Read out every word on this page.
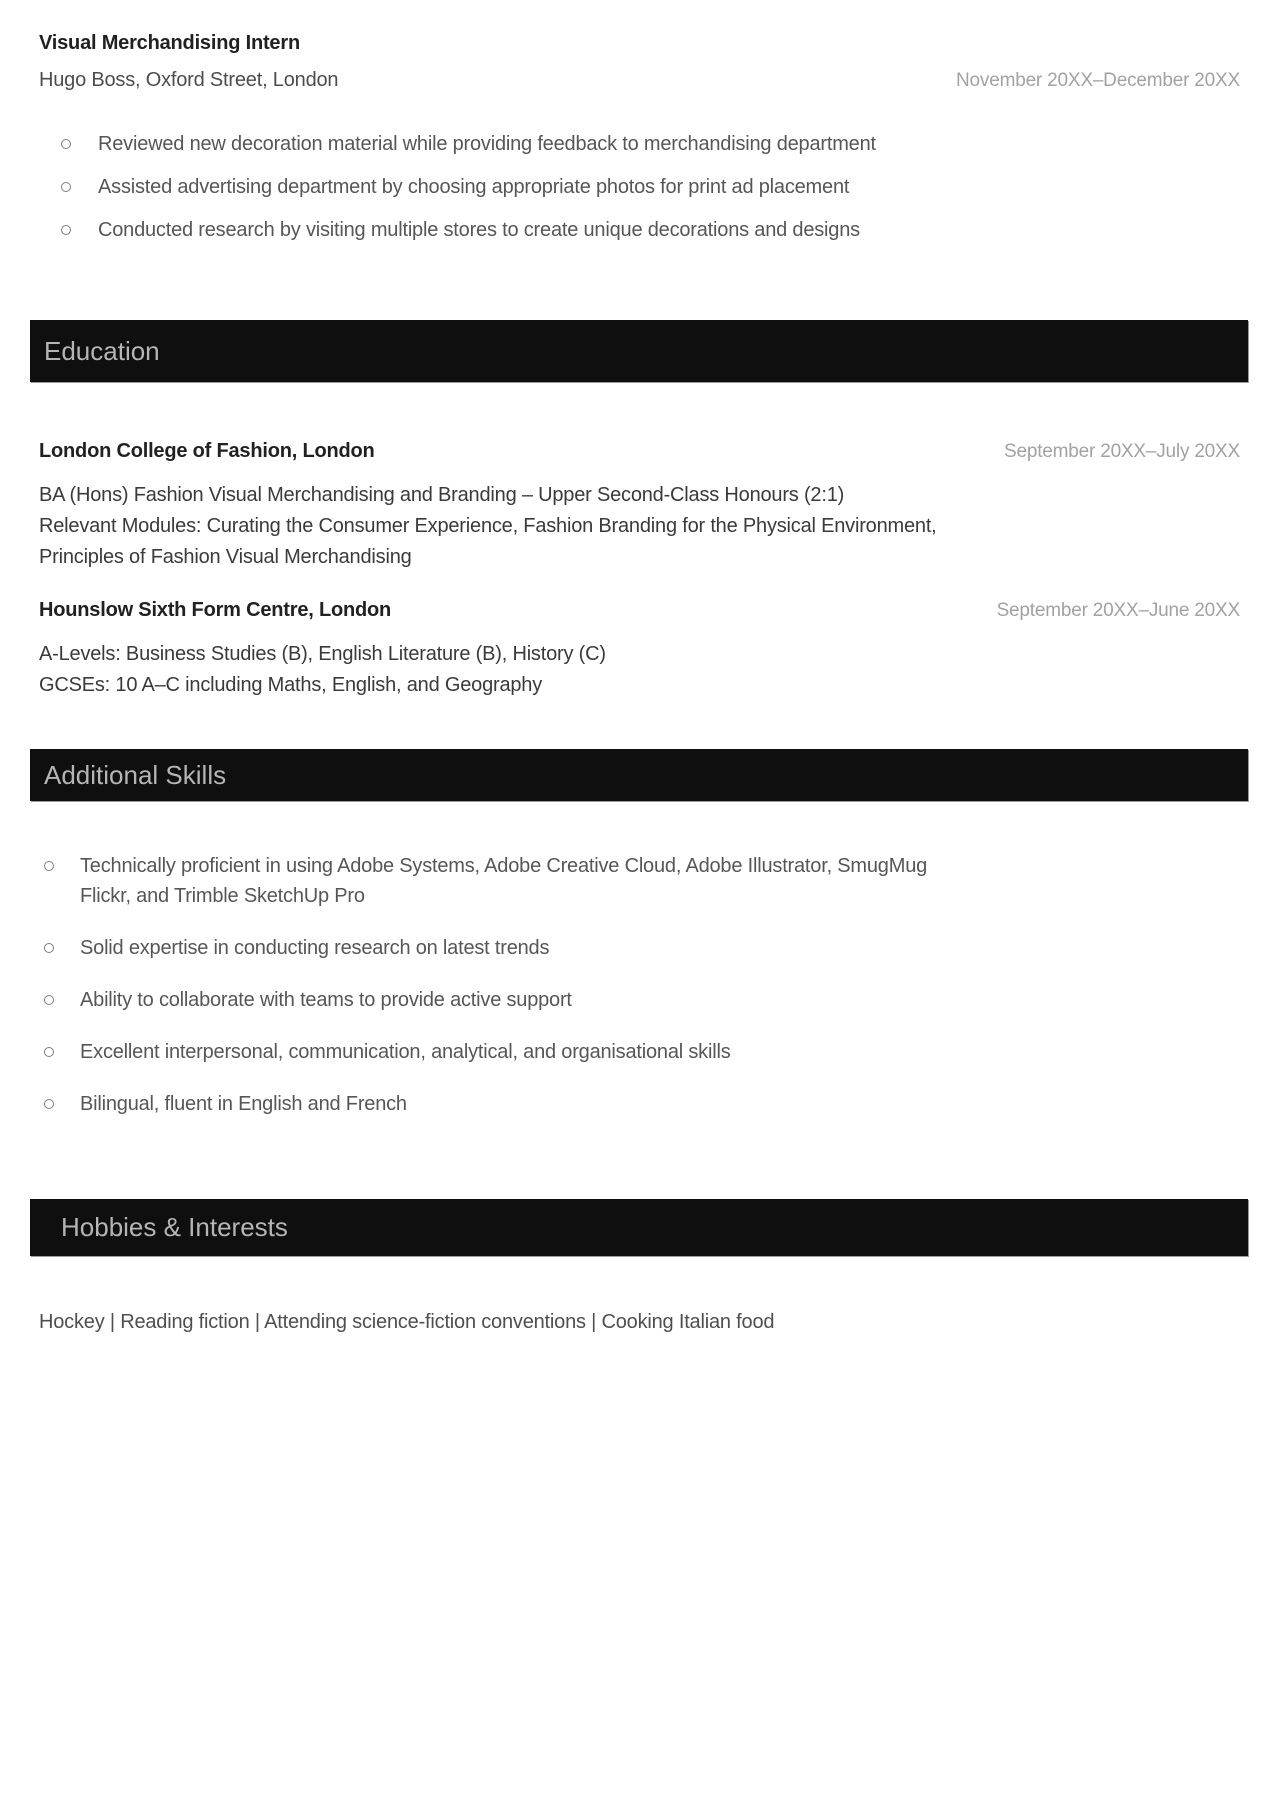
Visual Merchandising Intern
Hugo Boss, Oxford Street, London	November 20XX–December 20XX
Reviewed new decoration material while providing feedback to merchandising department
Assisted advertising department by choosing appropriate photos for print ad placement
Conducted research by visiting multiple stores to create unique decorations and designs
Education
London College of Fashion, London	September 20XX–July 20XX
BA (Hons) Fashion Visual Merchandising and Branding – Upper Second-Class Honours (2:1)
Relevant Modules: Curating the Consumer Experience, Fashion Branding for the Physical Environment,
Principles of Fashion Visual Merchandising
Hounslow Sixth Form Centre, London	September 20XX–June 20XX
A-Levels: Business Studies (B), English Literature (B), History (C)
GCSEs: 10 A–C including Maths, English, and Geography
Additional Skills
Technically proficient in using Adobe Systems, Adobe Creative Cloud, Adobe Illustrator, SmugMug
Flickr, and Trimble SketchUp Pro
Solid expertise in conducting research on latest trends
Ability to collaborate with teams to provide active support
Excellent interpersonal, communication, analytical, and organisational skills
Bilingual, fluent in English and French
Hobbies & Interests
Hockey | Reading fiction | Attending science-fiction conventions | Cooking Italian food
